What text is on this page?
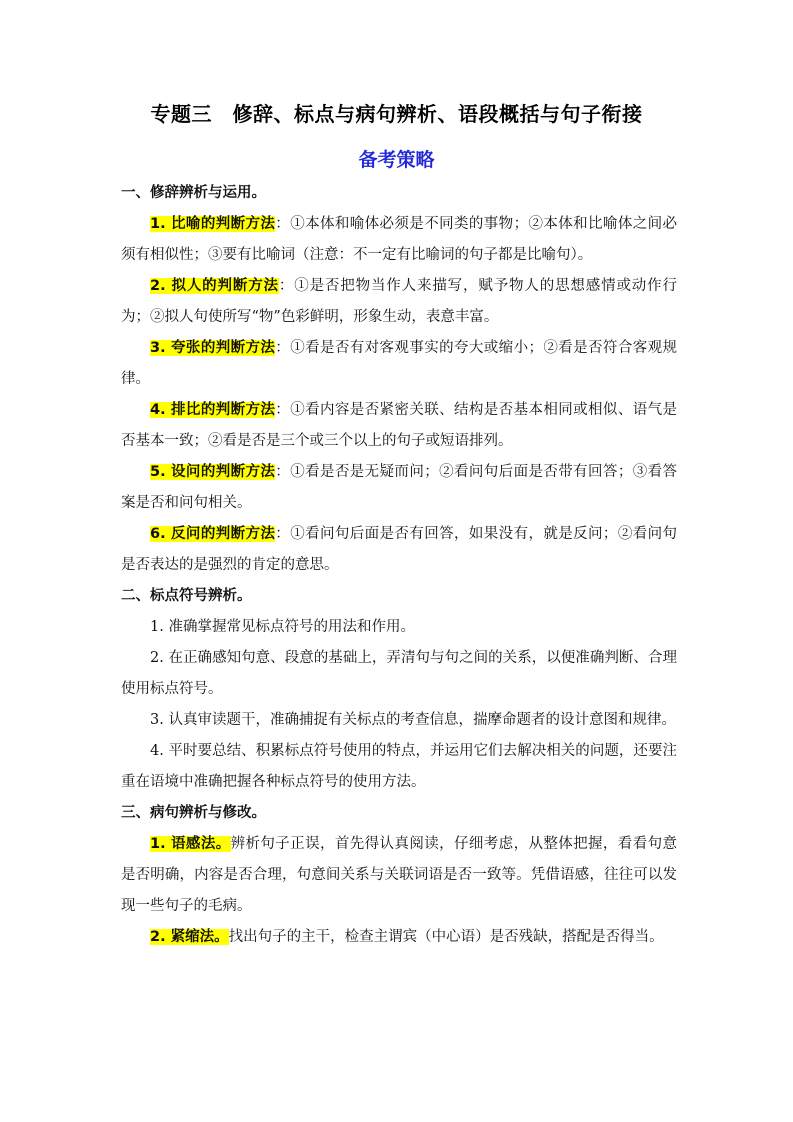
专题三　修辞、标点与病句辨析、语段概括与句子衔接
备考策略

一、修辞辨析与运用。

1. 比喻的判断方法：①本体和喻体必须是不同类的事物；②本体和比喻体之间必须有相似性；③要有比喻词（注意：不一定有比喻词的句子都是比喻句）。

2. 拟人的判断方法：①是否把物当作人来描写，赋予物人的思想感情或动作行为；②拟人句使所写“物”色彩鲜明，形象生动，表意丰富。

3. 夸张的判断方法：①看是否有对客观事实的夸大或缩小；②看是否符合客观规律。

4. 排比的判断方法：①看内容是否紧密关联、结构是否基本相同或相似、语气是否基本一致；②看是否是三个或三个以上的句子或短语排列。

5. 设问的判断方法：①看是否是无疑而问；②看问句后面是否带有回答；③看答案是否和问句相关。

6. 反问的判断方法：①看问句后面是否有回答，如果没有，就是反问；②看问句是否表达的是强烈的肯定的意思。

二、标点符号辨析。

1. 准确掌握常见标点符号的用法和作用。

2. 在正确感知句意、段意的基础上，弄清句与句之间的关系，以便准确判断、合理使用标点符号。

3. 认真审读题干，准确捕捉有关标点的考查信息，揣摩命题者的设计意图和规律。

4. 平时要总结、积累标点符号使用的特点，并运用它们去解决相关的问题，还要注重在语境中准确把握各种标点符号的使用方法。

三、病句辨析与修改。

1. 语感法。辨析句子正误，首先得认真阅读，仔细考虑，从整体把握，看看句意是否明确，内容是否合理，句意间关系与关联词语是否一致等。凭借语感，往往可以发现一些句子的毛病。

2. 紧缩法。找出句子的主干，检查主谓宾（中心语）是否残缺，搭配是否得当。
